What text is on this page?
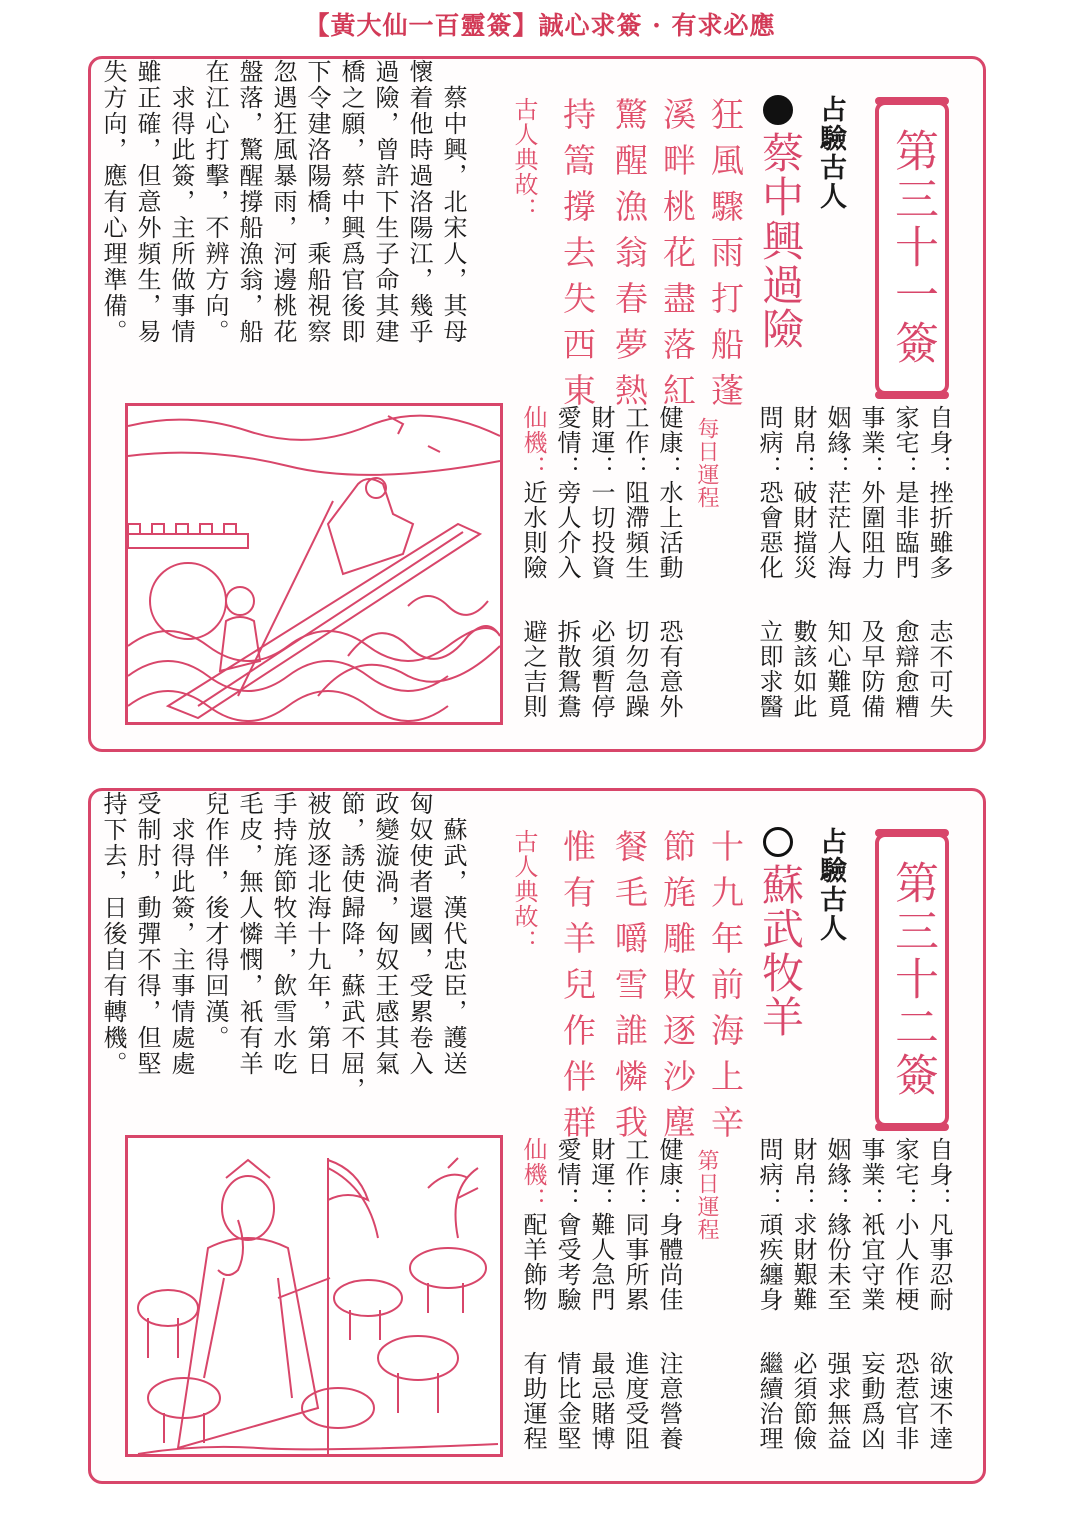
【黃大仙一百靈簽】誠心求簽 · 有求必應
第三十一簽
占驗古人
蔡中興過險
狂風驟雨打船蓬
溪畔桃花盡落紅
驚醒漁翁春夢熱
持篙撐去失西東
古人典故：
　蔡中興，北宋人，其母
懷着他時過洛陽江，幾乎
過險，曾許下生子命其建
橋之願，蔡中興爲官後即
下令建洛陽橋，乘船視察
忽遇狂風暴雨，河邊桃花
盤落，驚醒撐船漁翁，船
在江心打擊，不辨方向。
　求得此簽，主所做事情
雖正確，但意外頻生，易
失方向，應有心理準備。
自身：挫折雖多
志不可失
家宅：是非臨門
愈辯愈糟
事業：外圍阻力
及早防備
姻緣：茫茫人海
知心難覓
財帛：破財擋災
數該如此
問病：恐會惡化
立即求醫
每日運程
健康：水上活動
恐有意外
工作：阻滯頻生
切勿急躁
財運：一切投資
必須暫停
愛情：旁人介入
拆散鴛鴦
仙機：近水則險
避之吉則
第三十二簽
占驗古人
蘇武牧羊
十九年前海上辛
節旄雕敗逐沙塵
餐毛嚼雪誰憐我
惟有羊兒作伴群
古人典故：
　蘇武，漢代忠臣，護送
匈奴使者還國，受累卷入
政變漩渦，匈奴王感其氣
節，誘使歸降，蘇武不屈，
被放逐北海十九年，第日
手持旄節牧羊，飲雪水吃
毛皮，無人憐憫，衹有羊
兒作伴，後才得回漢。
　求得此簽，主事情處處
受制肘，動彈不得，但堅
持下去，日後自有轉機。
自身：凡事忍耐
欲速不達
家宅：小人作梗
恐惹官非
事業：衹宜守業
妄動爲凶
姻緣：緣份未至
强求無益
財帛：求財艱難
必須節儉
問病：頑疾纏身
繼續治理
第日運程
健康：身體尚佳
注意營養
工作：同事所累
進度受阻
財運：難人急門
最忌賭博
愛情：會受考驗
情比金堅
仙機：配羊飾物
有助運程
